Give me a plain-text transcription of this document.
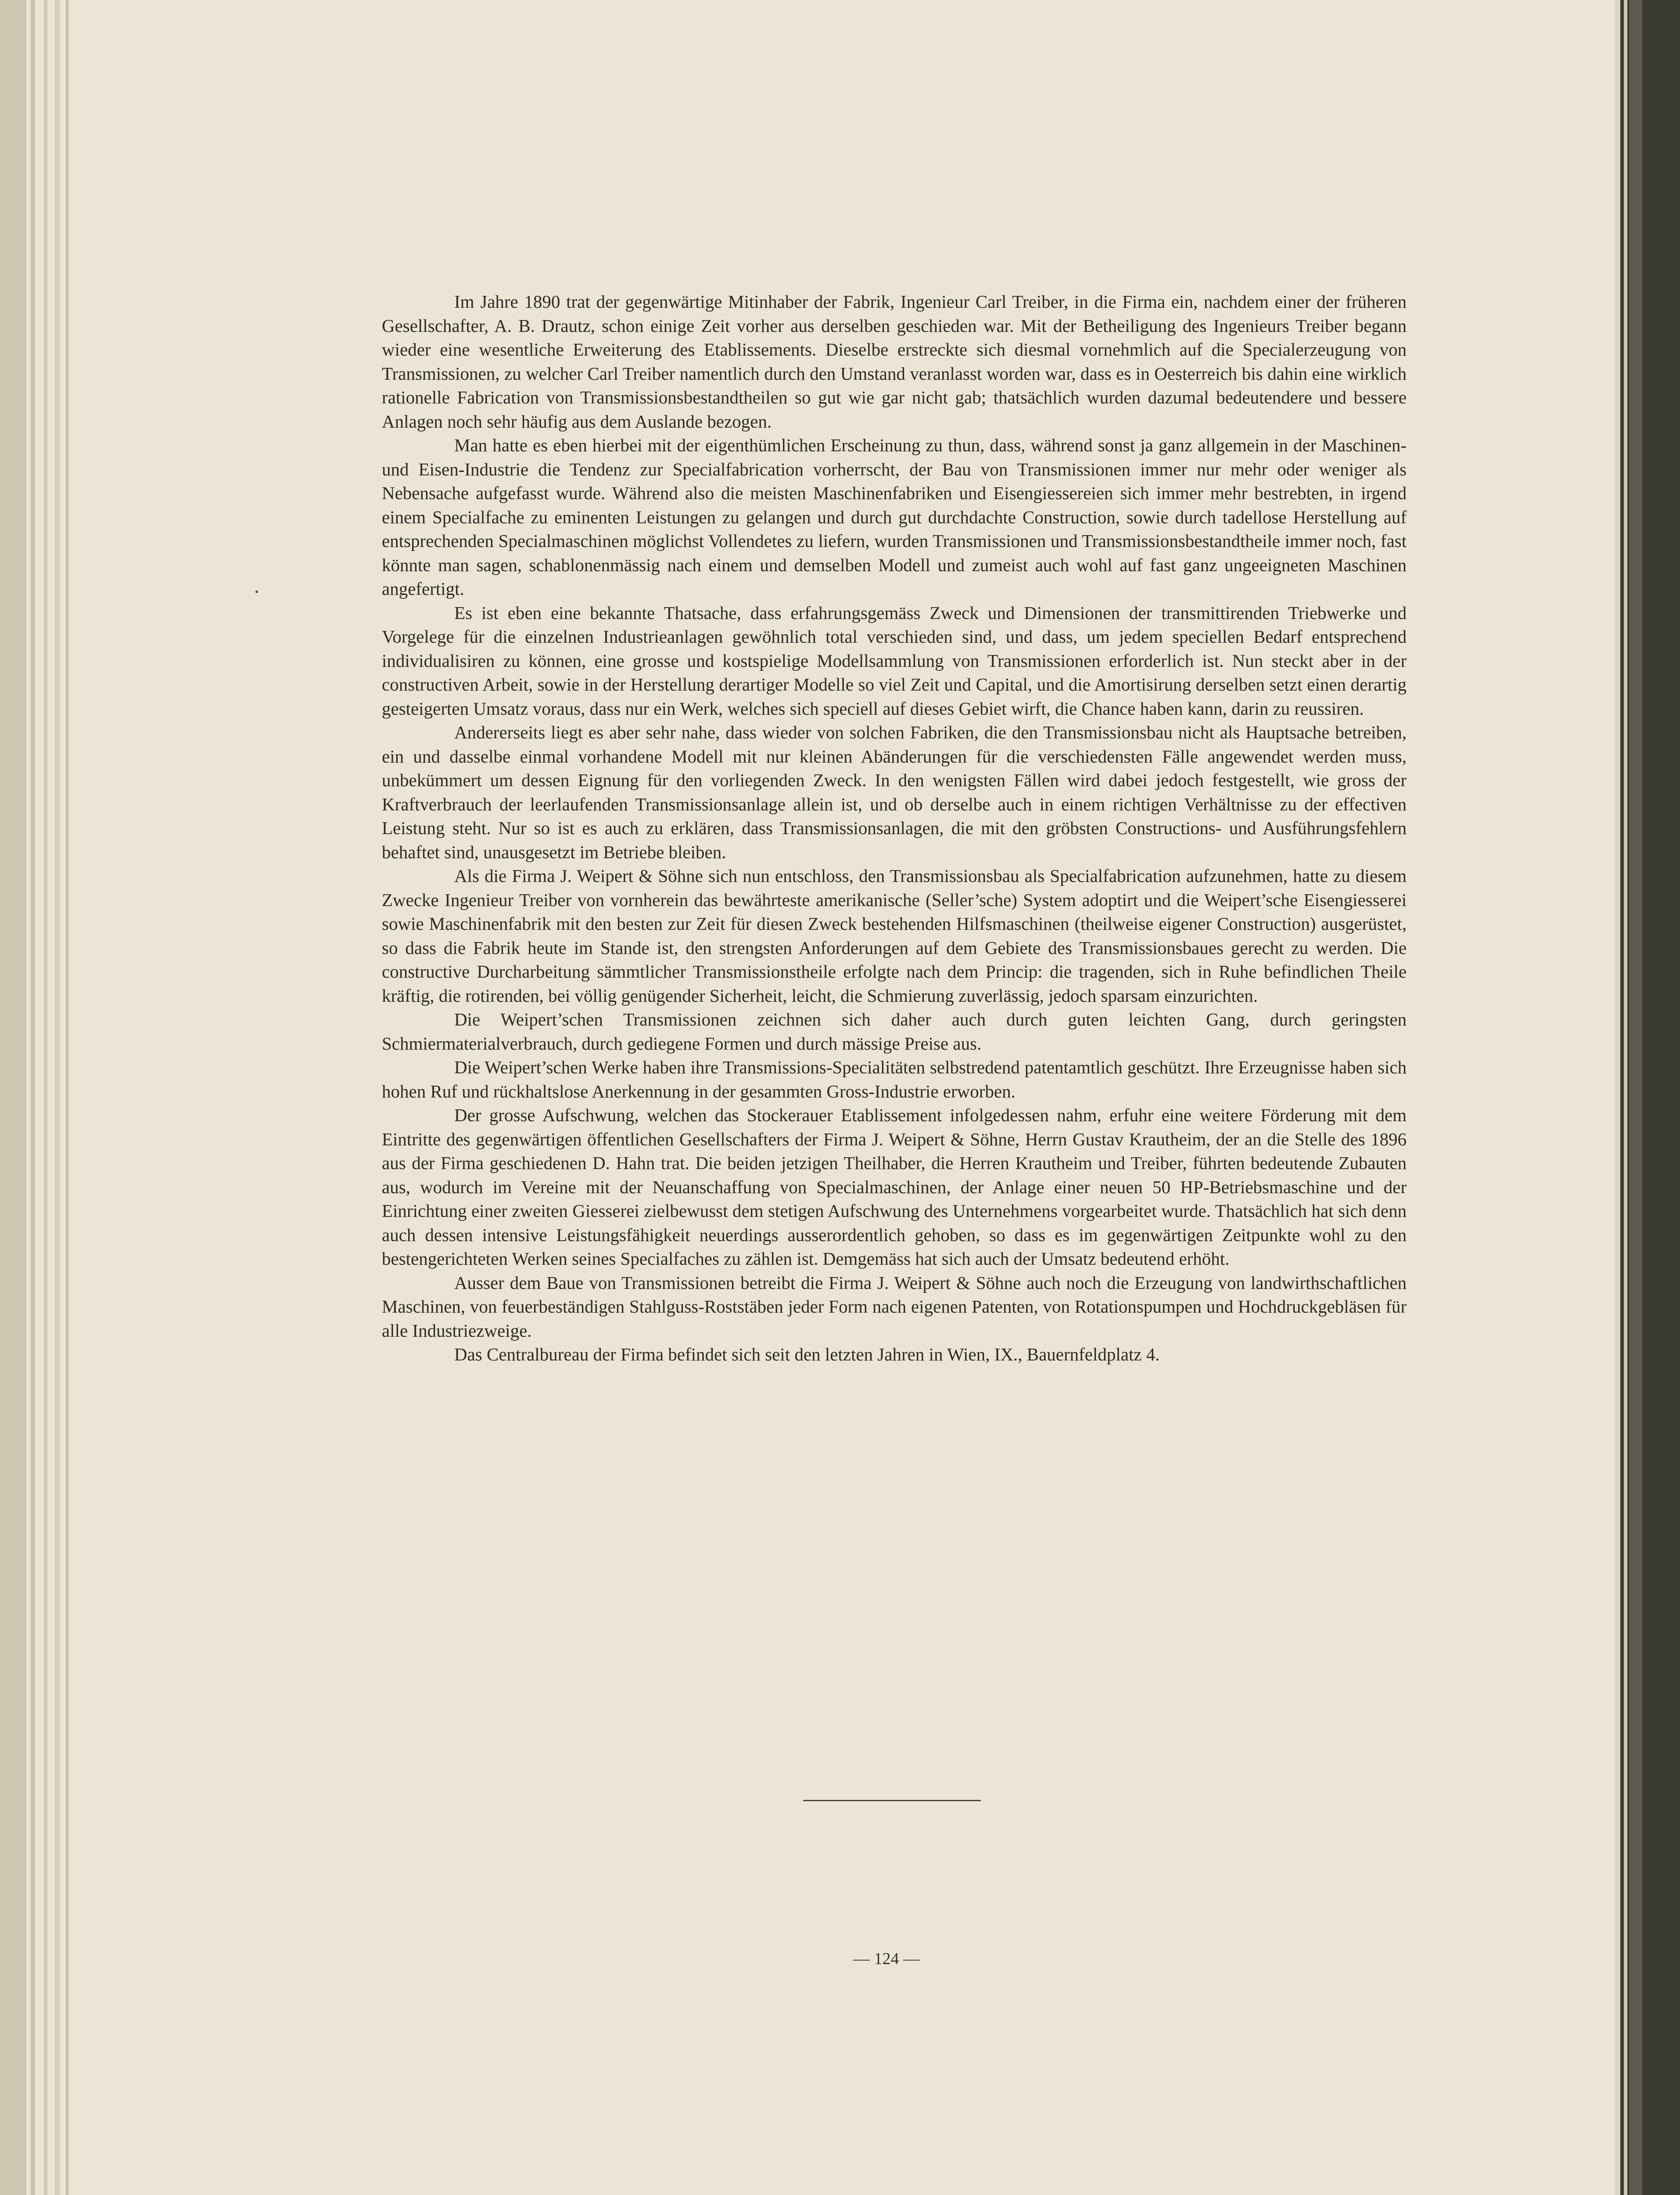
Im Jahre 1890 trat der gegenwärtige Mitinhaber der Fabrik, Ingenieur Carl Treiber, in die Firma ein, nachdem einer der früheren Gesellschafter, A. B. Drautz, schon einige Zeit vorher aus derselben geschieden war. Mit der Betheiligung des Ingenieurs Treiber begann wieder eine wesentliche Erweiterung des Etablissements. Dieselbe erstreckte sich diesmal vornehmlich auf die Specialerzeugung von Transmissionen, zu welcher Carl Treiber namentlich durch den Umstand veranlasst worden war, dass es in Oesterreich bis dahin eine wirklich rationelle Fabrication von Transmissionsbestandtheilen so gut wie gar nicht gab; thatsächlich wurden dazumal bedeutendere und bessere Anlagen noch sehr häufig aus dem Auslande bezogen.

Man hatte es eben hierbei mit der eigenthümlichen Erscheinung zu thun, dass, während sonst ja ganz allgemein in der Maschinen- und Eisen-Industrie die Tendenz zur Specialfabrication vorherrscht, der Bau von Transmissionen immer nur mehr oder weniger als Nebensache aufgefasst wurde. Während also die meisten Maschinenfabriken und Eisengiessereien sich immer mehr bestrebten, in irgend einem Specialfache zu eminenten Leistungen zu gelangen und durch gut durchdachte Construction, sowie durch tadellose Herstellung auf entsprechenden Specialmaschinen möglichst Vollendetes zu liefern, wurden Transmissionen und Transmissionsbestandtheile immer noch, fast könnte man sagen, schablonenmässig nach einem und demselben Modell und zumeist auch wohl auf fast ganz ungeeigneten Maschinen angefertigt.

Es ist eben eine bekannte Thatsache, dass erfahrungsgemäss Zweck und Dimensionen der transmittirenden Triebwerke und Vorgelege für die einzelnen Industrieanlagen gewöhnlich total verschieden sind, und dass, um jedem speciellen Bedarf entsprechend individualisiren zu können, eine grosse und kostspielige Modellsammlung von Transmissionen erforderlich ist. Nun steckt aber in der constructiven Arbeit, sowie in der Herstellung derartiger Modelle so viel Zeit und Capital, und die Amortisirung derselben setzt einen derartig gesteigerten Umsatz voraus, dass nur ein Werk, welches sich speciell auf dieses Gebiet wirft, die Chance haben kann, darin zu reussiren.

Andererseits liegt es aber sehr nahe, dass wieder von solchen Fabriken, die den Transmissionsbau nicht als Hauptsache betreiben, ein und dasselbe einmal vorhandene Modell mit nur kleinen Abänderungen für die verschiedensten Fälle angewendet werden muss, unbekümmert um dessen Eignung für den vorliegenden Zweck. In den wenigsten Fällen wird dabei jedoch festgestellt, wie gross der Kraftverbrauch der leerlaufenden Transmissionsanlage allein ist, und ob derselbe auch in einem richtigen Verhältnisse zu der effectiven Leistung steht. Nur so ist es auch zu erklären, dass Transmissionsanlagen, die mit den gröbsten Constructions- und Ausführungsfehlern behaftet sind, unausgesetzt im Betriebe bleiben.

Als die Firma J. Weipert & Söhne sich nun entschloss, den Transmissionsbau als Specialfabrication aufzunehmen, hatte zu diesem Zwecke Ingenieur Treiber von vornherein das bewährteste amerikanische (Seller’sche) System adoptirt und die Weipert’sche Eisengiesserei sowie Maschinenfabrik mit den besten zur Zeit für diesen Zweck bestehenden Hilfsmaschinen (theilweise eigener Construction) ausgerüstet, so dass die Fabrik heute im Stande ist, den strengsten Anforderungen auf dem Gebiete des Transmissionsbaues gerecht zu werden. Die constructive Durcharbeitung sämmtlicher Transmissionstheile erfolgte nach dem Princip: die tragenden, sich in Ruhe befindlichen Theile kräftig, die rotirenden, bei völlig genügender Sicherheit, leicht, die Schmierung zuverlässig, jedoch sparsam einzurichten.

Die Weipert’schen Transmissionen zeichnen sich daher auch durch guten leichten Gang, durch geringsten Schmiermaterialverbrauch, durch gediegene Formen und durch mässige Preise aus.

Die Weipert’schen Werke haben ihre Transmissions-Specialitäten selbstredend patentamtlich geschützt. Ihre Erzeugnisse haben sich hohen Ruf und rückhaltslose Anerkennung in der gesammten Gross-Industrie erworben.

Der grosse Aufschwung, welchen das Stockerauer Etablissement infolgedessen nahm, erfuhr eine weitere Förderung mit dem Eintritte des gegenwärtigen öffentlichen Gesellschafters der Firma J. Weipert & Söhne, Herrn Gustav Krautheim, der an die Stelle des 1896 aus der Firma geschiedenen D. Hahn trat. Die beiden jetzigen Theilhaber, die Herren Krautheim und Treiber, führten bedeutende Zubauten aus, wodurch im Vereine mit der Neuanschaffung von Specialmaschinen, der Anlage einer neuen 50 HP-Betriebsmaschine und der Einrichtung einer zweiten Giesserei zielbewusst dem stetigen Aufschwung des Unternehmens vorgearbeitet wurde. Thatsächlich hat sich denn auch dessen intensive Leistungsfähigkeit neuerdings ausserordentlich gehoben, so dass es im gegenwärtigen Zeitpunkte wohl zu den bestengerichteten Werken seines Specialfaches zu zählen ist. Demgemäss hat sich auch der Umsatz bedeutend erhöht.

Ausser dem Baue von Transmissionen betreibt die Firma J. Weipert & Söhne auch noch die Erzeugung von landwirthschaftlichen Maschinen, von feuerbeständigen Stahlguss-Roststäben jeder Form nach eigenen Patenten, von Rotationspumpen und Hochdruckgebläsen für alle Industriezweige.

Das Centralbureau der Firma befindet sich seit den letzten Jahren in Wien, IX., Bauernfeldplatz 4.

— 124 —
